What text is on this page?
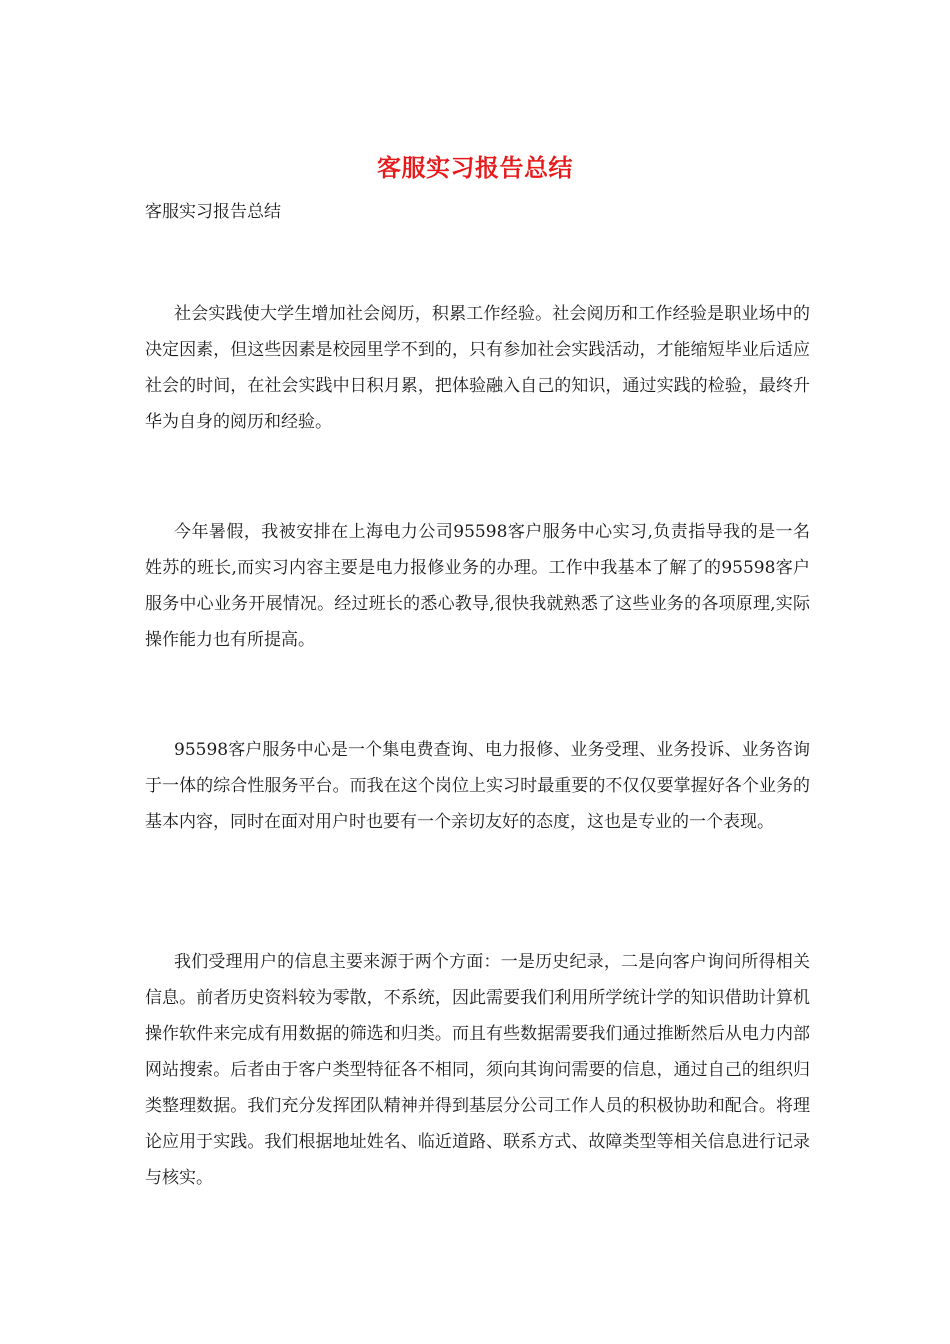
客服实习报告总结
客服实习报告总结

社会实践使大学生增加社会阅历，积累工作经验。社会阅历和工作经验是职业场中的决定因素，但这些因素是校园里学不到的，只有参加社会实践活动，才能缩短毕业后适应社会的时间，在社会实践中日积月累，把体验融入自己的知识，通过实践的检验，最终升华为自身的阅历和经验。

今年暑假，我被安排在上海电力公司95598客户服务中心实习,负责指导我的是一名姓苏的班长,而实习内容主要是电力报修业务的办理。工作中我基本了解了的95598客户服务中心业务开展情况。经过班长的悉心教导,很快我就熟悉了这些业务的各项原理,实际操作能力也有所提高。

95598客户服务中心是一个集电费查询、电力报修、业务受理、业务投诉、业务咨询于一体的综合性服务平台。而我在这个岗位上实习时最重要的不仅仅要掌握好各个业务的基本内容，同时在面对用户时也要有一个亲切友好的态度，这也是专业的一个表现。

我们受理用户的信息主要来源于两个方面：一是历史纪录，二是向客户询问所得相关信息。前者历史资料较为零散，不系统，因此需要我们利用所学统计学的知识借助计算机操作软件来完成有用数据的筛选和归类。而且有些数据需要我们通过推断然后从电力内部网站搜索。后者由于客户类型特征各不相同，须向其询问需要的信息，通过自己的组织归类整理数据。我们充分发挥团队精神并得到基层分公司工作人员的积极协助和配合。将理论应用于实践。我们根据地址姓名、临近道路、联系方式、故障类型等相关信息进行记录与核实。
